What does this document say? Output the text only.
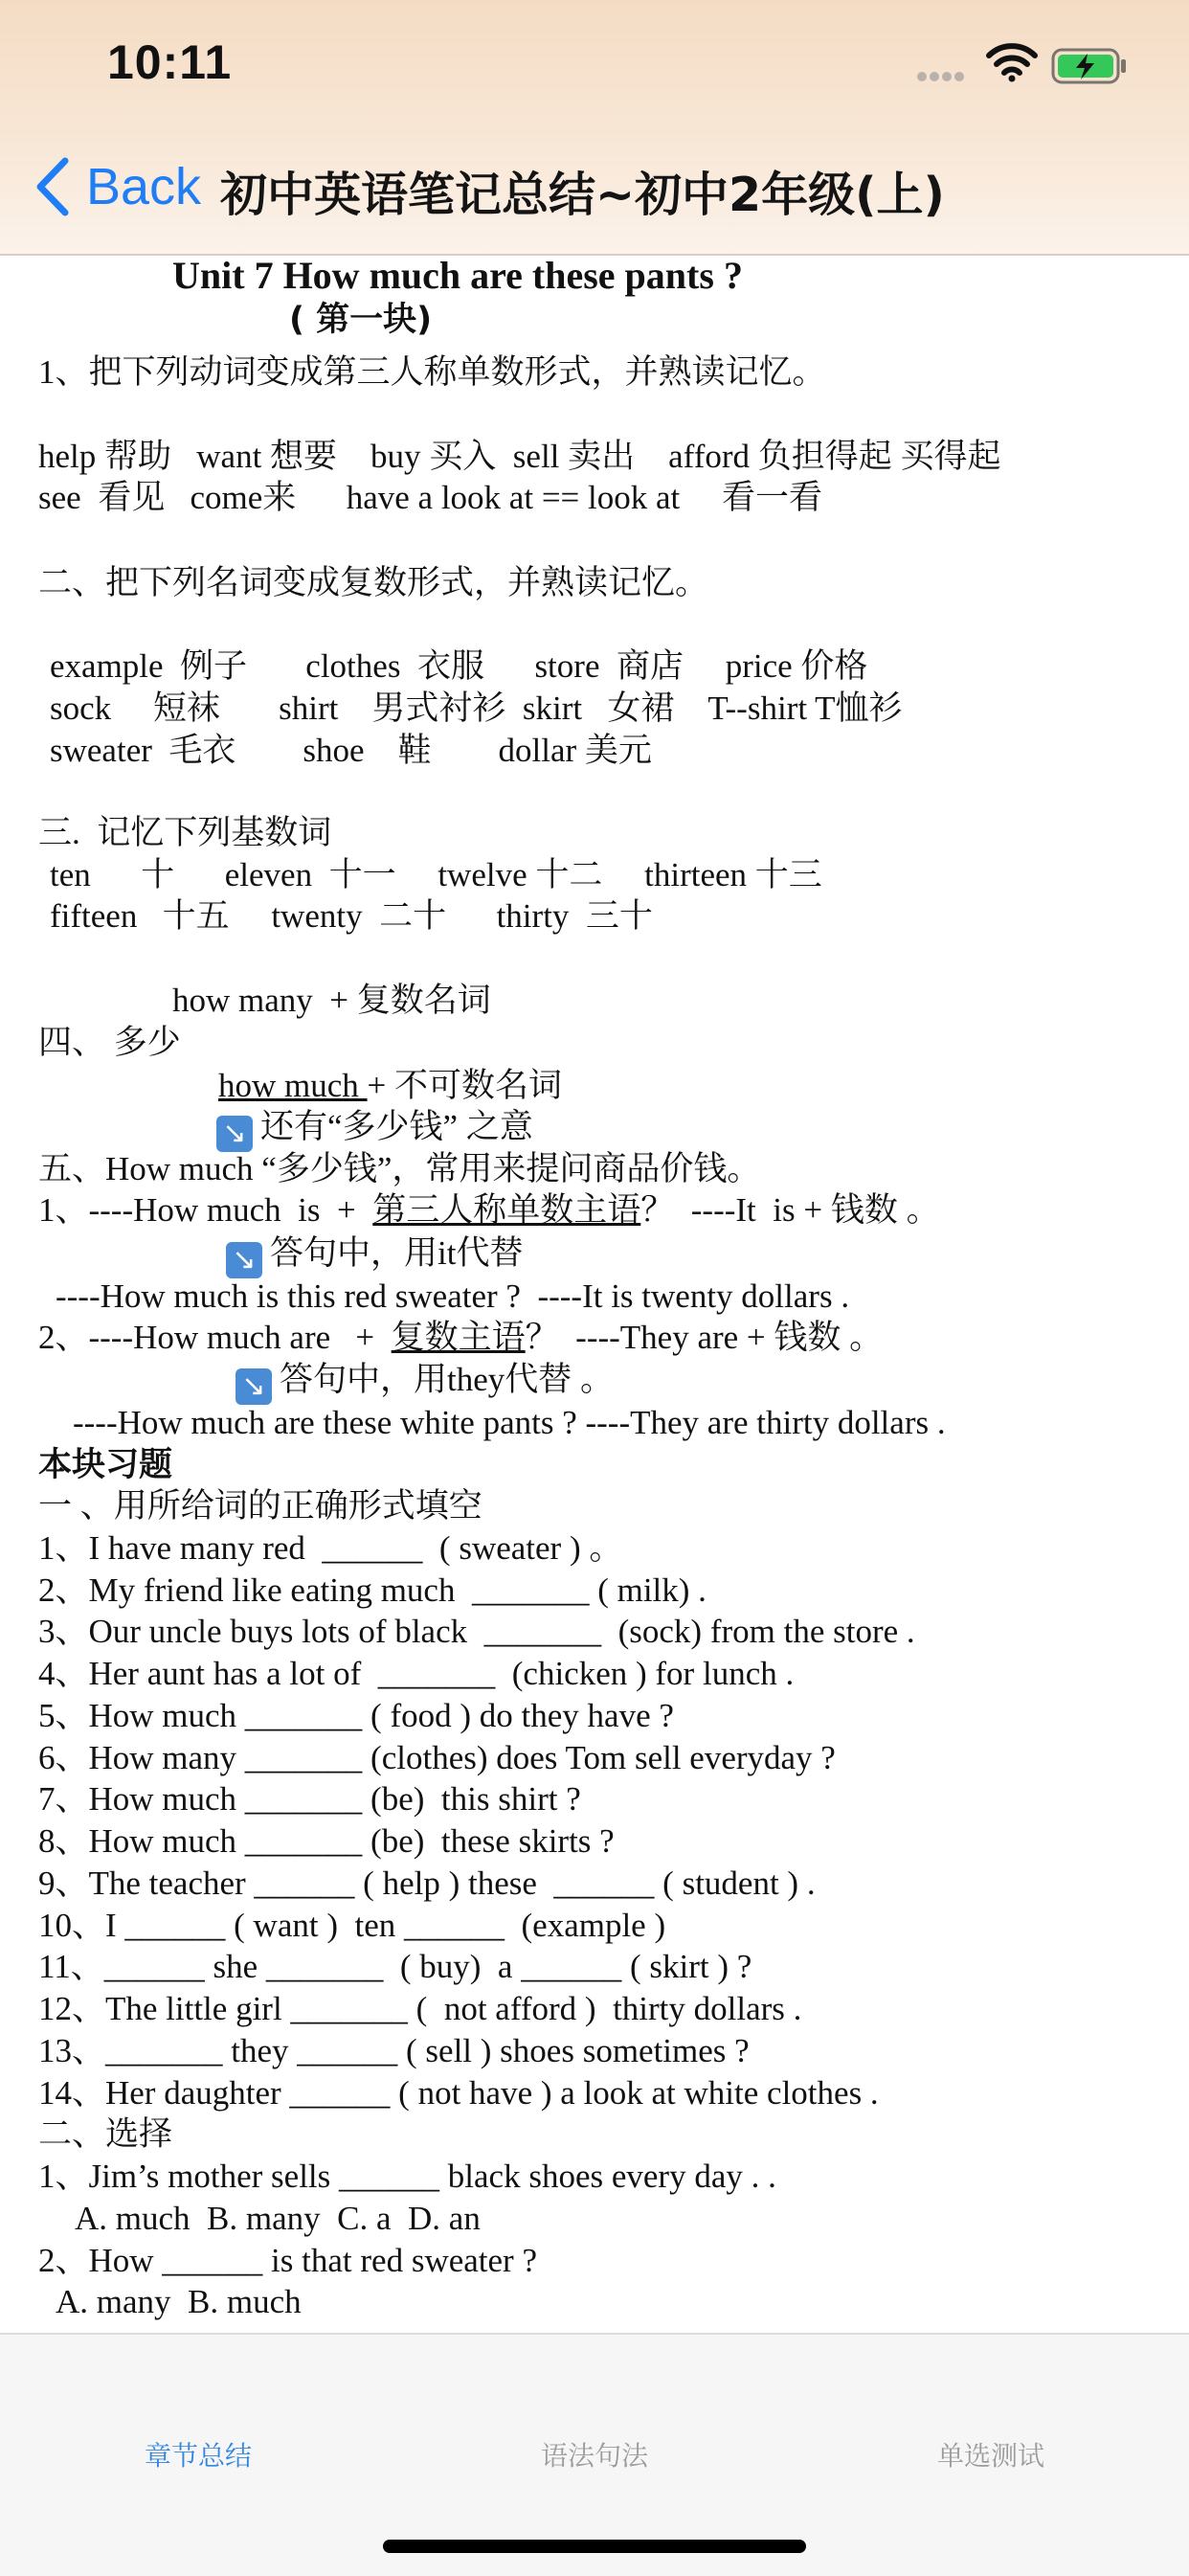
10:11
Back 初中英语笔记总结~初中2年级(上)
Unit 7 How much are these pants ?
( 第一块)
1、把下列动词变成第三人称单数形式，并熟读记忆。
help 帮助   want 想要    buy 买入  sell 卖出    afford 负担得起 买得起
see  看见   come来      have a look at == look at     看一看
二、把下列名词变成复数形式，并熟读记忆。
example  例子       clothes  衣服      store  商店     price 价格
sock     短袜       shirt    男式衬衫  skirt   女裙    T--shirt T恤衫
sweater  毛衣        shoe    鞋        dollar 美元
三.  记忆下列基数词
ten      十      eleven  十一     twelve 十二     thirteen 十三
fifteen   十五     twenty  二十      thirty  三十
how many  + 复数名词
四、 多少
how much + 不可数名词
↘ 还有“多少钱” 之意
五、How much “多少钱”，常用来提问商品价钱。
1、----How much  is  +  第三人称单数主语？  ----It  is + 钱数 。
↘ 答句中，用it代替
----How much is this red sweater ?  ----It is twenty dollars .
2、----How much are   +  复数主语？  ----They are + 钱数 。
↘ 答句中，用they代替 。
----How much are these white pants ? ----They are thirty dollars .
本块习题
一 、用所给词的正确形式填空
1、I have many red  ______  ( sweater ) 。
2、My friend like eating much  _______ ( milk) .
3、Our uncle buys lots of black  _______  (sock) from the store .
4、Her aunt has a lot of  _______  (chicken ) for lunch .
5、How much _______ ( food ) do they have ?
6、How many _______ (clothes) does Tom sell everyday ?
7、How much _______ (be)  this shirt ?
8、How much _______ (be)  these skirts ?
9、The teacher ______ ( help ) these  ______ ( student ) .
10、I ______ ( want )  ten ______  (example )
11、______ she _______  ( buy)  a ______ ( skirt ) ?
12、The little girl _______ (  not afford )  thirty dollars .
13、_______ they ______ ( sell ) shoes sometimes ?
14、Her daughter ______ ( not have ) a look at white clothes .
二、选择
1、Jim’s mother sells ______ black shoes every day . .
A. much  B. many  C. a  D. an
2、How ______ is that red sweater ?
A. many  B. much
章节总结	语法句法	单选测试
